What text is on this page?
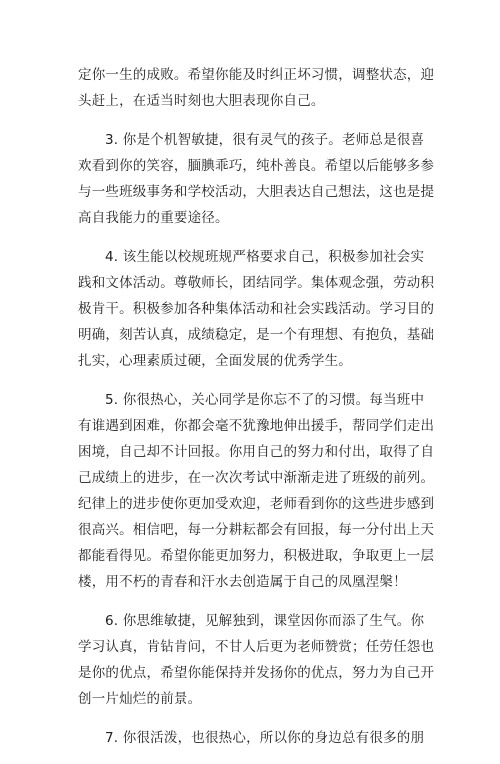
定你一生的成败。希望你能及时纠正坏习惯，调整状态，迎
头赶上，在适当时刻也大胆表现你自己。
3. 你是个机智敏捷，很有灵气的孩子。老师总是很喜
欢看到你的笑容，腼腆乖巧，纯朴善良。希望以后能够多参
与一些班级事务和学校活动，大胆表达自己想法，这也是提
高自我能力的重要途径。
4. 该生能以校规班规严格要求自己，积极参加社会实
践和文体活动。尊敬师长，团结同学。集体观念强，劳动积
极肯干。积极参加各种集体活动和社会实践活动。学习目的
明确，刻苦认真，成绩稳定，是一个有理想、有抱负，基础
扎实，心理素质过硬，全面发展的优秀学生。
5. 你很热心，关心同学是你忘不了的习惯。每当班中
有谁遇到困难，你都会毫不犹豫地伸出援手，帮同学们走出
困境，自己却不计回报。你用自己的努力和付出，取得了自
己成绩上的进步，在一次次考试中渐渐走进了班级的前列。
纪律上的进步使你更加受欢迎，老师看到你的这些进步感到
很高兴。相信吧，每一分耕耘都会有回报，每一分付出上天
都能看得见。希望你能更加努力，积极进取，争取更上一层
楼，用不朽的青春和汗水去创造属于自己的凤凰涅槃！
6. 你思维敏捷，见解独到，课堂因你而添了生气。你
学习认真，肯钻肯问，不甘人后更为老师赞赏；任劳任怨也
是你的优点，希望你能保持并发扬你的优点，努力为自己开
创一片灿烂的前景。
7. 你很活泼，也很热心，所以你的身边总有很多的朋
